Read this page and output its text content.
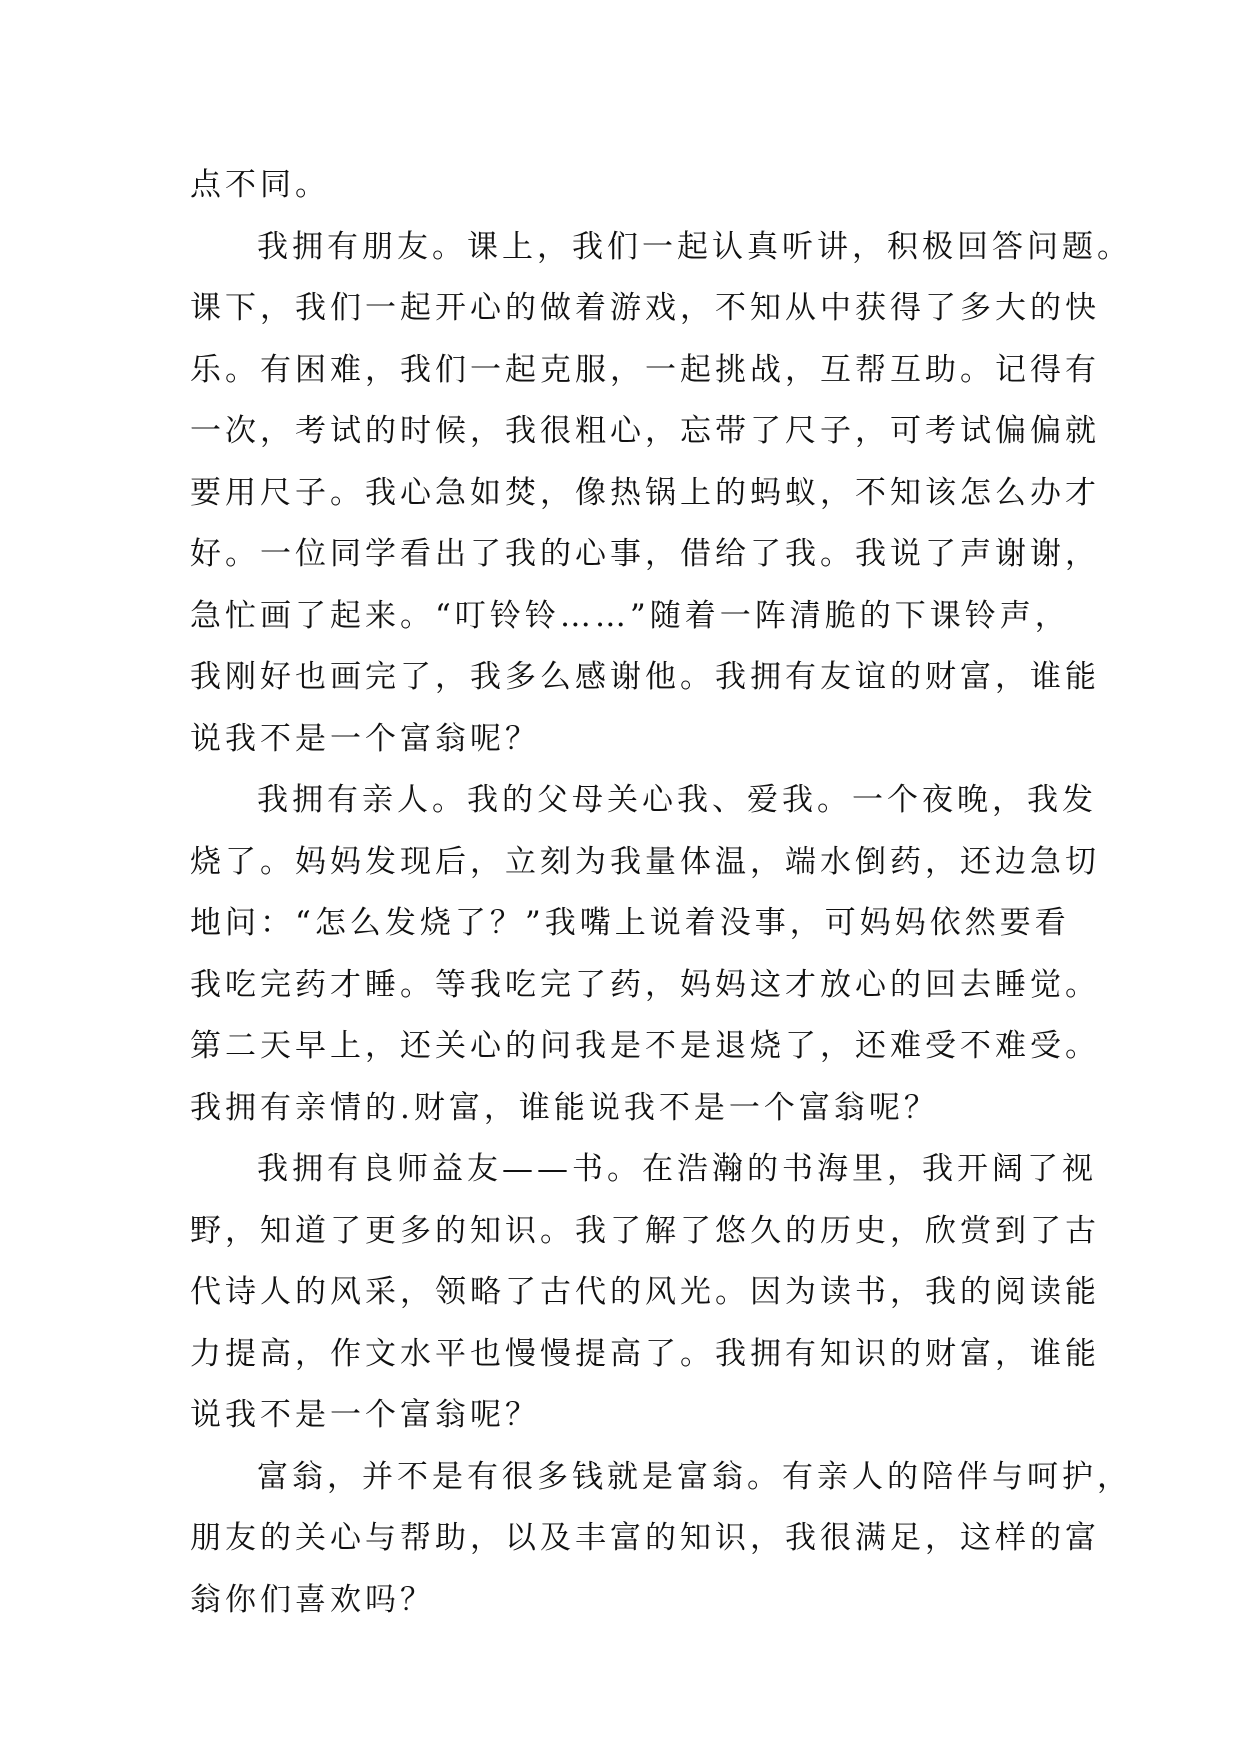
点不同。
我拥有朋友。课上，我们一起认真听讲，积极回答问题。
课下，我们一起开心的做着游戏，不知从中获得了多大的快
乐。有困难，我们一起克服，一起挑战，互帮互助。记得有
一次，考试的时候，我很粗心，忘带了尺子，可考试偏偏就
要用尺子。我心急如焚，像热锅上的蚂蚁，不知该怎么办才
好。一位同学看出了我的心事，借给了我。我说了声谢谢，
急忙画了起来。“叮铃铃……”随着一阵清脆的下课铃声，
我刚好也画完了，我多么感谢他。我拥有友谊的财富，谁能
说我不是一个富翁呢？
我拥有亲人。我的父母关心我、爱我。一个夜晚，我发
烧了。妈妈发现后，立刻为我量体温，端水倒药，还边急切
地问：“怎么发烧了？”我嘴上说着没事，可妈妈依然要看
我吃完药才睡。等我吃完了药，妈妈这才放心的回去睡觉。
第二天早上，还关心的问我是不是退烧了，还难受不难受。
我拥有亲情的.财富，谁能说我不是一个富翁呢？
我拥有良师益友——书。在浩瀚的书海里，我开阔了视
野，知道了更多的知识。我了解了悠久的历史，欣赏到了古
代诗人的风采，领略了古代的风光。因为读书，我的阅读能
力提高，作文水平也慢慢提高了。我拥有知识的财富，谁能
说我不是一个富翁呢？
富翁，并不是有很多钱就是富翁。有亲人的陪伴与呵护，
朋友的关心与帮助，以及丰富的知识，我很满足，这样的富
翁你们喜欢吗？
